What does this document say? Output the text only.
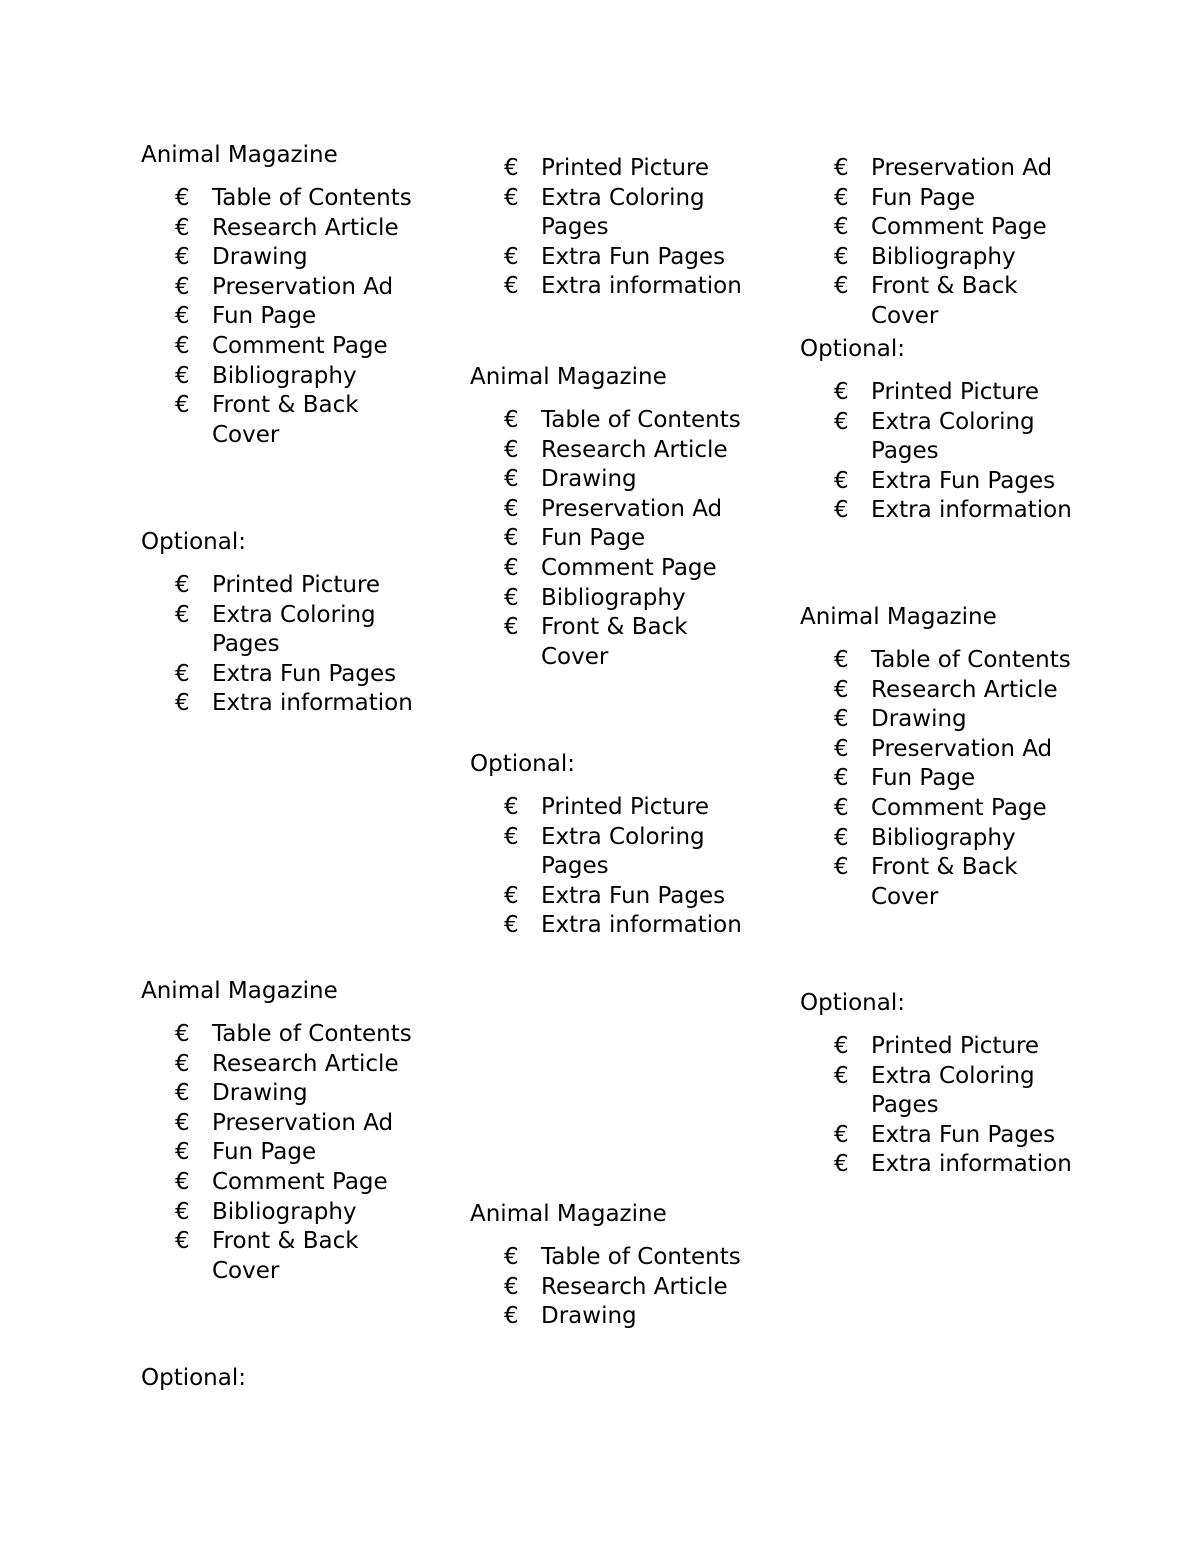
Animal Magazine
€ Table of Contents
€ Research Article
€ Drawing
€ Preservation Ad
€ Fun Page
€ Comment Page
€ Bibliography
€ Front & Back Cover
Optional:
€ Printed Picture
€ Extra Coloring Pages
€ Extra Fun Pages
€ Extra information
Animal Magazine
€ Table of Contents
€ Research Article
€ Drawing
€ Preservation Ad
€ Fun Page
€ Comment Page
€ Bibliography
€ Front & Back Cover
Optional:
€ Printed Picture
€ Extra Coloring Pages
€ Extra Fun Pages
€ Extra information
Animal Magazine
€ Table of Contents
€ Research Article
€ Drawing
€ Preservation Ad
€ Fun Page
€ Comment Page
€ Bibliography
€ Front & Back Cover
Optional:
€ Printed Picture
€ Extra Coloring Pages
€ Extra Fun Pages
€ Extra information
Animal Magazine
€ Table of Contents
€ Research Article
€ Drawing
€ Preservation Ad
€ Fun Page
€ Comment Page
€ Bibliography
€ Front & Back Cover
Optional:
€ Printed Picture
€ Extra Coloring Pages
€ Extra Fun Pages
€ Extra information
Animal Magazine
€ Table of Contents
€ Research Article
€ Drawing
€ Preservation Ad
€ Fun Page
€ Comment Page
€ Bibliography
€ Front & Back Cover
Optional:
€ Printed Picture
€ Extra Coloring Pages
€ Extra Fun Pages
€ Extra information
